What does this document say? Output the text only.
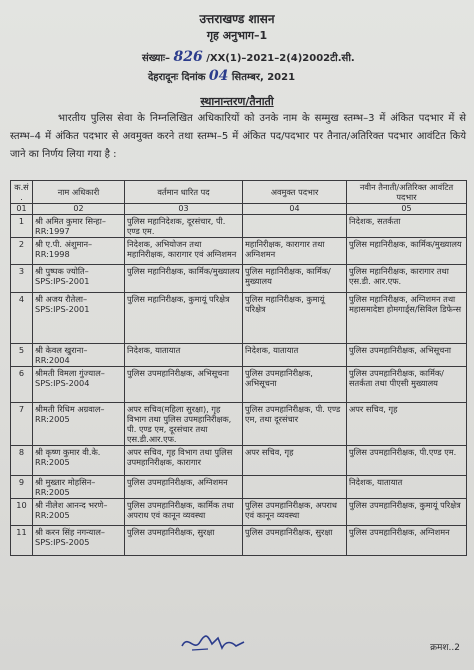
उत्तराखण्ड शासन
गृह अनुभाग–1
संख्याः– 826 /XX(1)–2021–2(4)2002टी.सी.
देहरादूनः दिनांक 04 सितम्बर, 2021
स्थानान्तरण/तैनाती
भारतीय पुलिस सेवा के निम्नलिखित अधिकारियों को उनके नाम के सम्मुख स्तम्भ–3 में अंकित पदभार में से स्तम्भ–4 में अंकित पदभार से अवमुक्त करने तथा स्तम्भ–5 में अंकित पद/पदभार पर तैनात/अतिरिक्त पदभार आवंटित किये जाने का निर्णय लिया गया है :
क.सं.	नाम अधिकारी	वर्तमान धारित पद	अवमुक्त पदभार	नवीन तैनाती/अतिरिक्त आवंटित पदभार
01	02	03	04	05
1	श्री अमित कुमार सिन्हा– RR:1997	पुलिस महानिदेशक, दूरसंचार, पी. एण्ड एम.		निदेशक, सतर्कता
2	श्री ए.पी. अंशुमान– RR:1998	निदेशक, अभियोजन तथा महानिरीक्षक, कारागार एवं अग्निशमन	महानिरीक्षक, कारागार तथा अग्निशमन	पुलिस महानिरीक्षक, कार्मिक/मुख्यालय
3	श्री पुष्पक ज्योति– SPS:IPS-2001	पुलिस महानिरीक्षक, कार्मिक/मुख्यालय	पुलिस महानिरीक्षक, कार्मिक/मुख्यालय	पुलिस महानिरीक्षक, कारागार तथा एस.डी. आर.एफ.
4	श्री अजय रौतेला– SPS:IPS-2001	पुलिस महानिरीक्षक, कुमायूं परिक्षेत्र	पुलिस महानिरीक्षक, कुमायूं परिक्षेत्र	पुलिस महानिरीक्षक, अग्निशमन तथा महासमादेष्टा होमगार्ड्स/सिविल डिफेन्स
5	श्री केवल खुराना– RR:2004	निदेशक, यातायात	निदेशक, यातायात	पुलिस उपमहानिरीक्षक, अभिसूचना
6	श्रीमती विमला गुंज्याल– SPS:IPS-2004	पुलिस उपमहानिरीक्षक, अभिसूचना	पुलिस उपमहानिरीक्षक, अभिसूचना	पुलिस उपमहानिरीक्षक, कार्मिक/सतर्कता तथा पीएसी मुख्यालय
7	श्रीमती रिधिम अग्रवाल– RR:2005	अपर सचिव(महिला सुरक्षा), गृह विभाग तथा पुलिस उपमहानिरीक्षक, पी. एण्ड एम, दूरसंचार तथा एस.डी.आर.एफ.	पुलिस उपमहानिरीक्षक, पी. एण्ड एम, तथा दूरसंचार	अपर सचिव, गृह
8	श्री कृष्ण कुमार वी.के. RR:2005	अपर सचिव, गृह विभाग तथा पुलिस उपमहानिरीक्षक, कारागार	अपर सचिव, गृह	पुलिस उपमहानिरीक्षक, पी.एण्ड एम.
9	श्री मुख्तार मोहसिन– RR:2005	पुलिस उपमहानिरीक्षक, अग्निशमन		निदेशक, यातायात
10	श्री नीलेश आनन्द भरणे– RR:2005	पुलिस उपमहानिरीक्षक, कार्मिक तथा अपराध एवं कानून व्यवस्था	पुलिस उपमहानिरीक्षक, अपराध एवं कानून व्यवस्था	पुलिस उपमहानिरीक्षक, कुमायूं परिक्षेत्र
11	श्री करन सिंह नगन्याल– SPS:IPS-2005	पुलिस उपमहानिरीक्षक, सुरक्षा	पुलिस उपमहानिरीक्षक, सुरक्षा	पुलिस उपमहानिरीक्षक, अग्निशमन
क्रमश..2
